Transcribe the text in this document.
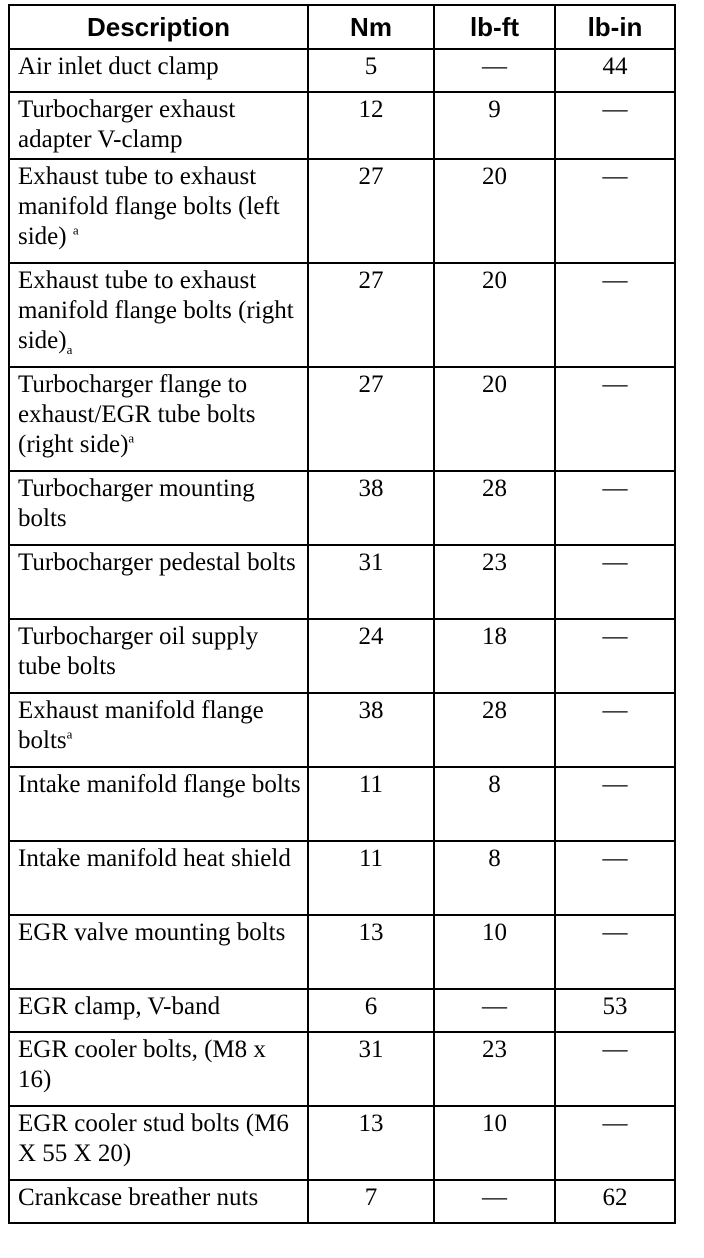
Description	Nm	lb-ft	lb-in
Air inlet duct clamp	5	—	44
Turbocharger exhaust adapter V-clamp	12	9	—
Exhaust tube to exhaust manifold flange bolts (left side) $^a$	27	20	—
Exhaust tube to exhaust manifold flange bolts (right $side)_a$	27	20	—
Turbocharger flange to exhaust/EGR tube bolts (right side)$^a$	27	20	—
Turbocharger mounting bolts	38	28	—
Turbocharger pedestal bolts	31	23	—
Turbocharger oil supply tube bolts	24	18	—
Exhaust manifold flange bolts$^a$	38	28	—
Intake manifold flange bolts	11	8	—
Intake manifold heat shield	11	8	—
EGR valve mounting bolts	13	10	—
EGR clamp, V-band	6	—	53
EGR cooler bolts, (M8 x 16)	31	23	—
EGR cooler stud bolts (M6 X 55 X 20)	13	10	—
Crankcase breather nuts	7	—	62
